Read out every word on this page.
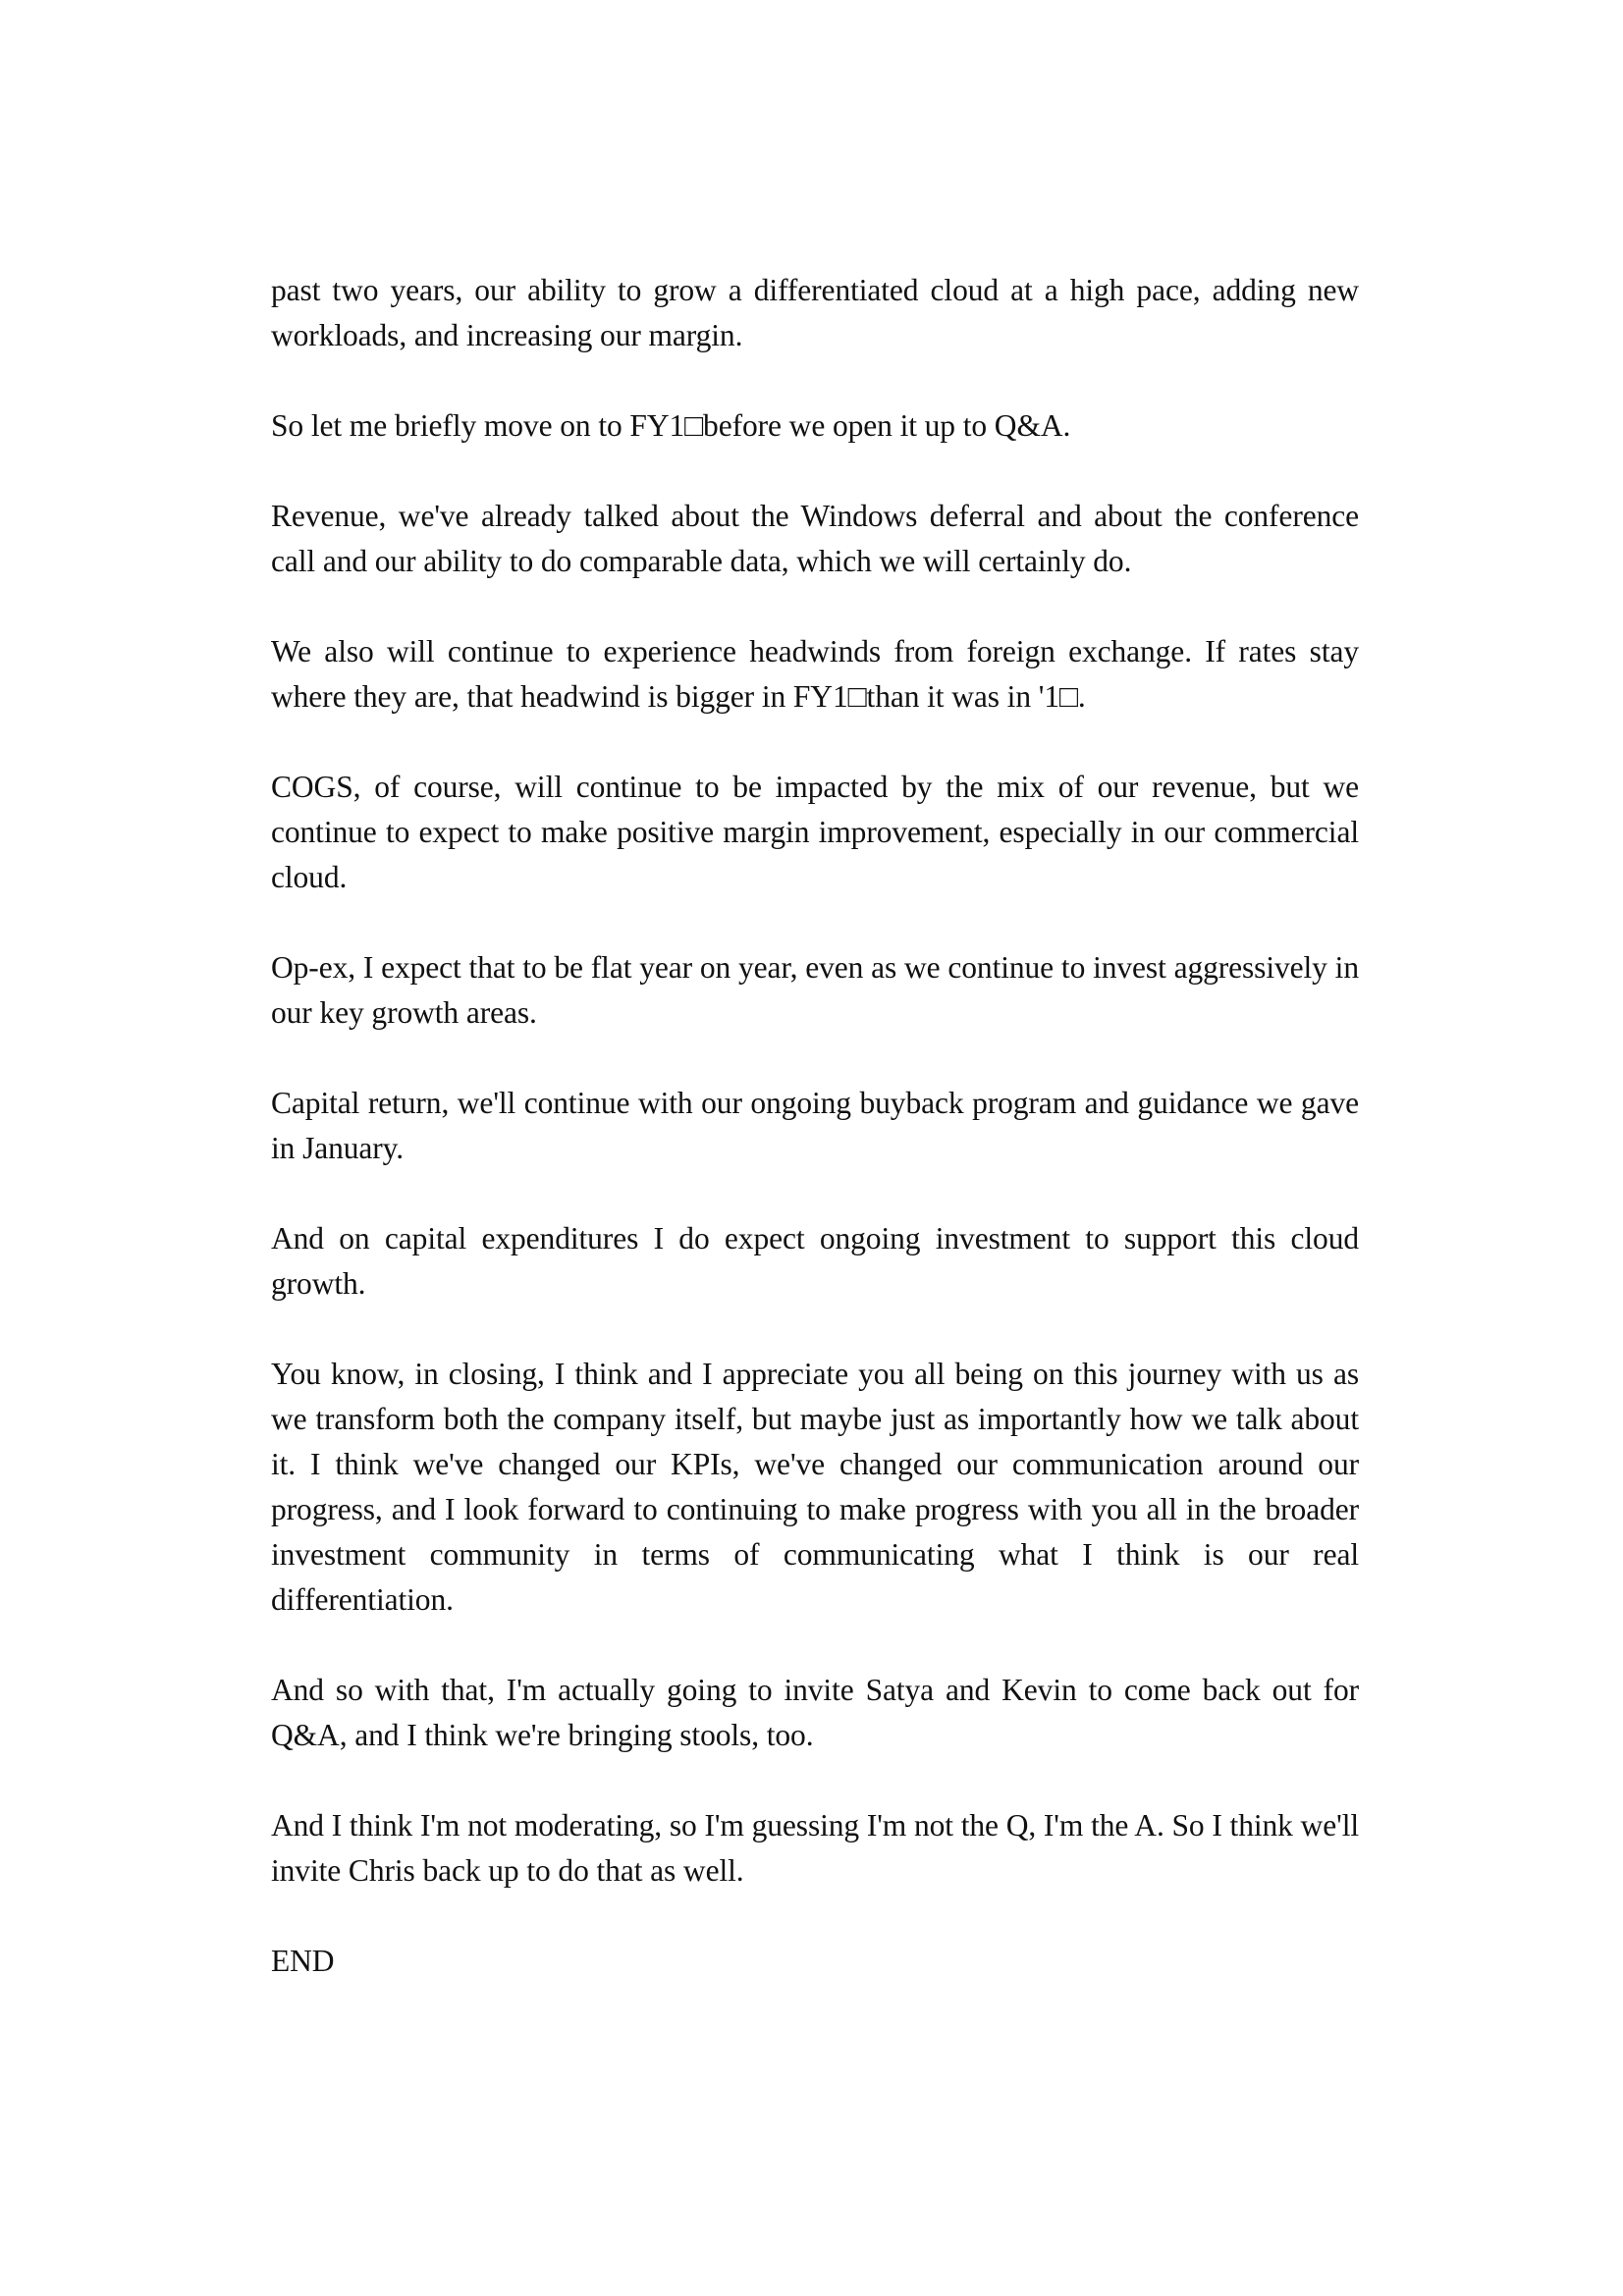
past two years, our ability to grow a differentiated cloud at a high pace, adding new workloads, and increasing our margin.

So let me briefly move on to FY1□before we open it up to Q&A.

Revenue, we've already talked about the Windows deferral and about the conference call and our ability to do comparable data, which we will certainly do.

We also will continue to experience headwinds from foreign exchange. If rates stay where they are, that headwind is bigger in FY1□than it was in '1□.

COGS, of course, will continue to be impacted by the mix of our revenue, but we continue to expect to make positive margin improvement, especially in our commercial cloud.

Op-ex, I expect that to be flat year on year, even as we continue to invest aggressively in our key growth areas.

Capital return, we'll continue with our ongoing buyback program and guidance we gave in January.

And on capital expenditures I do expect ongoing investment to support this cloud growth.

You know, in closing, I think and I appreciate you all being on this journey with us as we transform both the company itself, but maybe just as importantly how we talk about it. I think we've changed our KPIs, we've changed our communication around our progress, and I look forward to continuing to make progress with you all in the broader investment community in terms of communicating what I think is our real differentiation.

And so with that, I'm actually going to invite Satya and Kevin to come back out for Q&A, and I think we're bringing stools, too.

And I think I'm not moderating, so I'm guessing I'm not the Q, I'm the A. So I think we'll invite Chris back up to do that as well.

END
